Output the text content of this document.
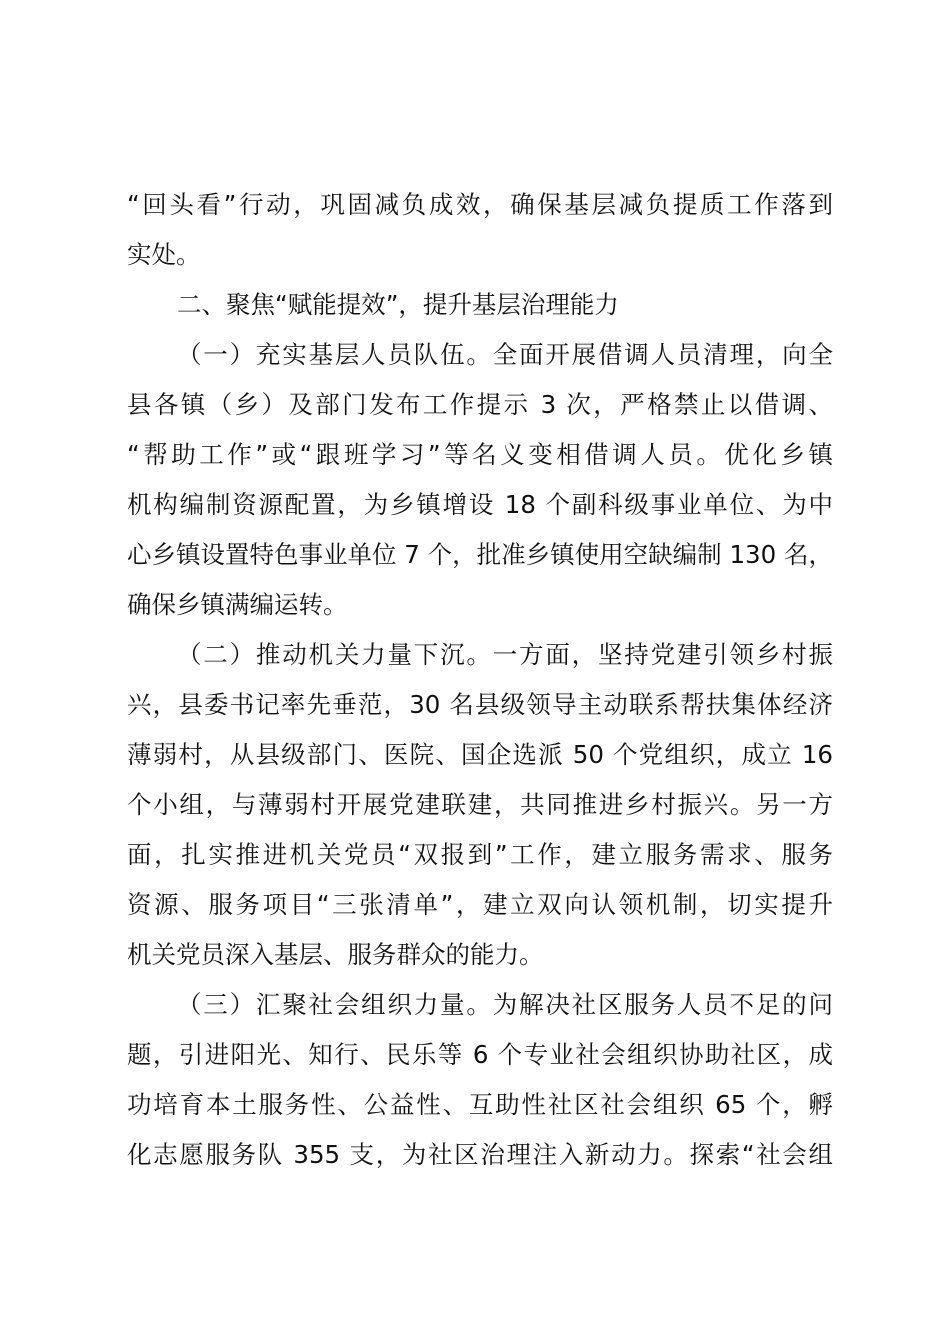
“回头看”行动，巩固减负成效，确保基层减负提质工作落到
实处。
二、聚焦“赋能提效”，提升基层治理能力
（一）充实基层人员队伍。全面开展借调人员清理，向全
县各镇（乡）及部门发布工作提示 3 次，严格禁止以借调、
“帮助工作”或“跟班学习”等名义变相借调人员。优化乡镇
机构编制资源配置，为乡镇增设 18 个副科级事业单位、为中
心乡镇设置特色事业单位 7 个，批准乡镇使用空缺编制 130 名，
确保乡镇满编运转。
（二）推动机关力量下沉。一方面，坚持党建引领乡村振
兴，县委书记率先垂范，30 名县级领导主动联系帮扶集体经济
薄弱村，从县级部门、医院、国企选派 50 个党组织，成立 16
个小组，与薄弱村开展党建联建，共同推进乡村振兴。另一方
面，扎实推进机关党员“双报到”工作，建立服务需求、服务
资源、服务项目“三张清单”，建立双向认领机制，切实提升
机关党员深入基层、服务群众的能力。
（三）汇聚社会组织力量。为解决社区服务人员不足的问
题，引进阳光、知行、民乐等 6 个专业社会组织协助社区，成
功培育本土服务性、公益性、互助性社区社会组织 65 个，孵
化志愿服务队 355 支，为社区治理注入新动力。探索“社会组
